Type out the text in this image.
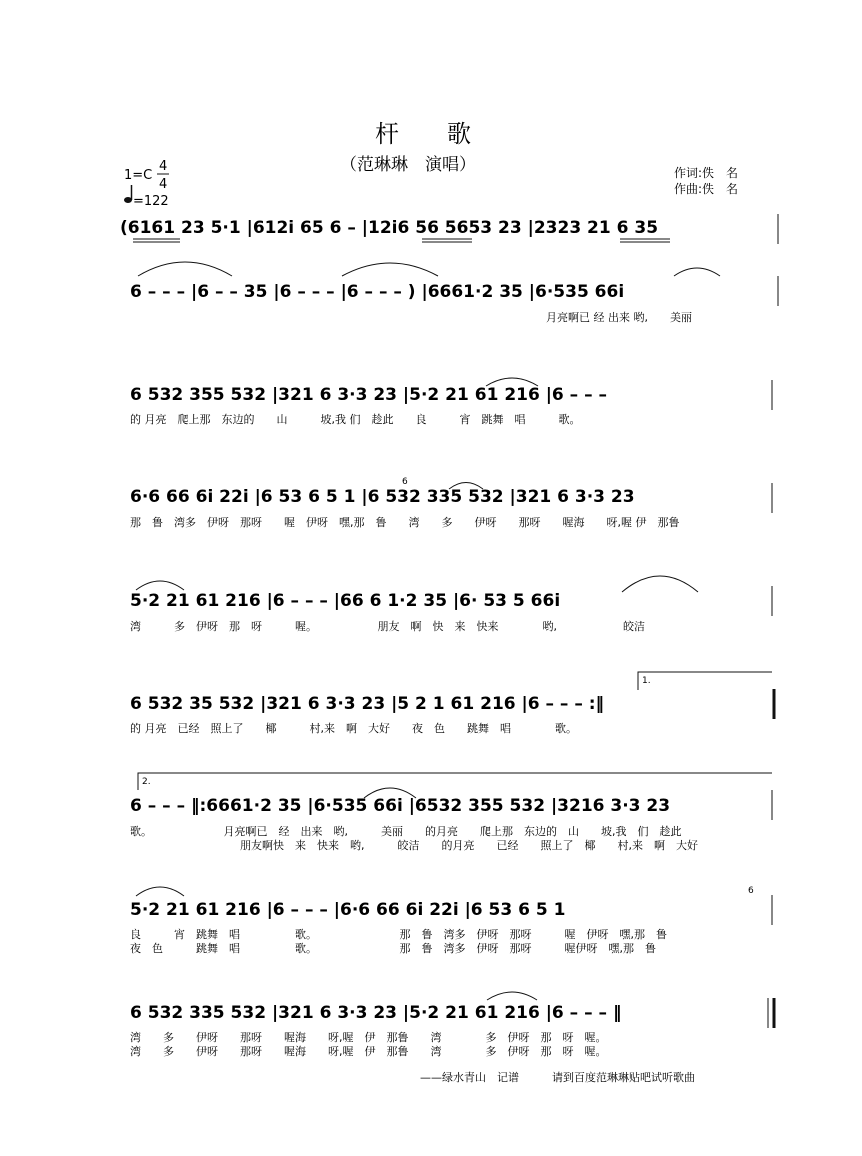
杆　　歌
（范琳琳　演唱）	作词:佚　名
作曲:佚　名
1=C
4
4
=122
(6161 23 5·1 |612i 65 6 – |12i6 56 5653 23 |2323 21 6 35
6 – – – |6 – – 35 |6 – – – |6 – – – ) |6661·2 35 |6·535 66i
月亮啊已 经 出来 哟,　　美丽
6 532 355 532 |321 6 3·3 23 |5·2 21 61 216 |6 – – –
的 月亮　爬上那　东边的　　山　　　坡,我 们　趁此　　良　　　宵　跳舞　唱　　　歌。
6
6·6 66 6i 22i |6 53 6 5 1 |6 532 335 532 |321 6 3·3 23
那　鲁　湾多　伊呀　那呀　　喔　伊呀　嘿,那　鲁　　湾　　多　　伊呀　　那呀　　喔海　　呀,喔 伊　那鲁
5·2 21 61 216 |6 – – – |66 6 1·2 35 |6· 53 5 66i
湾　　　多　伊呀　那　呀　　　喔。　　　　　　朋友　啊　快　来　快来　　　　哟,　　　　　　皎洁
1.
6 532 35 532 |321 6 3·3 23 |5 2 1 61 216 |6 – – – :‖
的 月亮　已经　照上了　　椰　　　村,来　啊　大好　　夜　色　　跳舞　唱　　　　歌。
2.
6 – – – ‖:6661·2 35 |6·535 66i |6532 355 532 |3216 3·3 23
歌。　　　　　　　月亮啊已　经　出来　哟,　　　美丽　　的月亮　　爬上那　东边的　山　　坡,我　们　趁此
朋友啊快　来　快来　哟,　　　皎洁　　的月亮　　已经　　照上了　椰　　村,来　啊　大好
6
5·2 21 61 216 |6 – – – |6·6 66 6i 22i |6 53 6 5 1
良　　　宵　跳舞　唱　　　　　歌。　　　　　　　　那　鲁　湾多　伊呀　那呀　　　喔　伊呀　嘿,那　鲁
夜　色　　　跳舞　唱　　　　　歌。　　　　　　　　那　鲁　湾多　伊呀　那呀　　　喔伊呀　嘿,那　鲁
6 532 335 532 |321 6 3·3 23 |5·2 21 61 216 |6 – – – ‖
湾　　多　　伊呀　　那呀　　喔海　　呀,喔　伊　那鲁　　湾　　　　多　伊呀　那　呀　喔。
湾　　多　　伊呀　　那呀　　喔海　　呀,喔　伊　那鲁　　湾　　　　多　伊呀　那　呀　喔。
——绿水青山　记谱	请到百度范琳琳贴吧试听歌曲
